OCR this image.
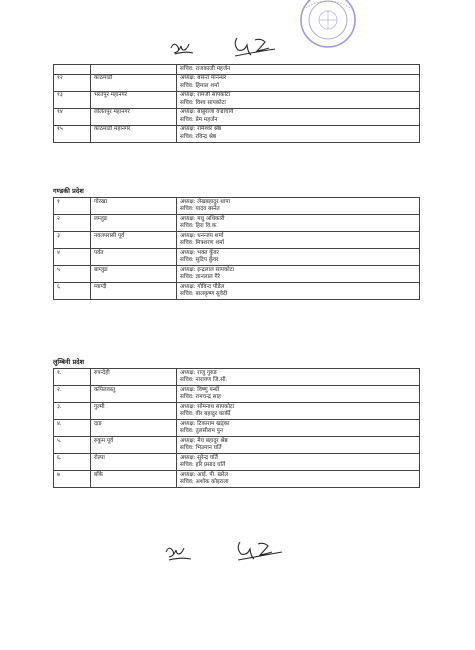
		सचिव: राजकाजी महर्जन
१२	काठमाडौं	अध्यक्ष: बसन्त मानन्धर
सचिव: हिमाल शर्मा

१३	भरतपुर महानगर	अध्यक्ष: रामजी सापकोटा
सचिव: विश्व सापकोटा

१४	ललितपुर महानगर	अध्यक्ष: बाबुराजा वज्राचार्य
सचिव: प्रेम महर्जन

१५	काठमाडौं महानगर	अध्यक्ष: रामेश्वर श्रेष्ठ
सचिव: रविन्द्र श्रेष्ठ
गण्डकी प्रदेश
१	गोरखा	अध्यक्ष: लेखबहादुर थापा
सचिव: यादव बस्नेत

२	लम्जुङ	अध्यक्ष: मधु अधिकारी
सचिव: हिरा वि.क.

३	नवलपरासी पूर्व	अध्यक्ष: धनन्जय शर्मा
सचिव: मित्रशरण शर्मा

४	पर्वत	अध्यक्ष: भक्त कुँवर
सचिव: सुदिप कुँवर

५	बाग्लुङ	अध्यक्ष: इन्द्रलाल सापकोटा
सचिव: ज्ञानलाल गैरे

६	म्याग्दी	अध्यक्ष: गोविन्द पौडेल
सचिव: बालकृष्ण सुवेदी
लुम्बिनी प्रदेश
१.	रुपन्देही	अध्यक्ष: राजु गुरुङ
सचिव: नारायण जि.सी.

२.	कपिलवस्तु	अध्यक्ष: विष्णु पन्थी
सचिव: रामचन्द्र साह

३.	गुल्मी	अध्यक्ष: सोमनाथ सापकोटा
सचिव: वीर बहादुर कार्की

४.	दाङ	अध्यक्ष: टिकाराम खड्का
सचिव: तुलसीराम पुन

५.	रुकुम पूर्व	अध्यक्ष: मेघ बहादुर श्रेष्ठ
सचिव: भिउमान घर्ति

६.	रोल्पा	अध्यक्ष: सुरेन्द्र घर्ति
सचिव: हरि प्रसाद घर्ति

७	बाँके	अध्यक्ष: आई. पी. खरेल
सचिव: अशोक कोइराला
